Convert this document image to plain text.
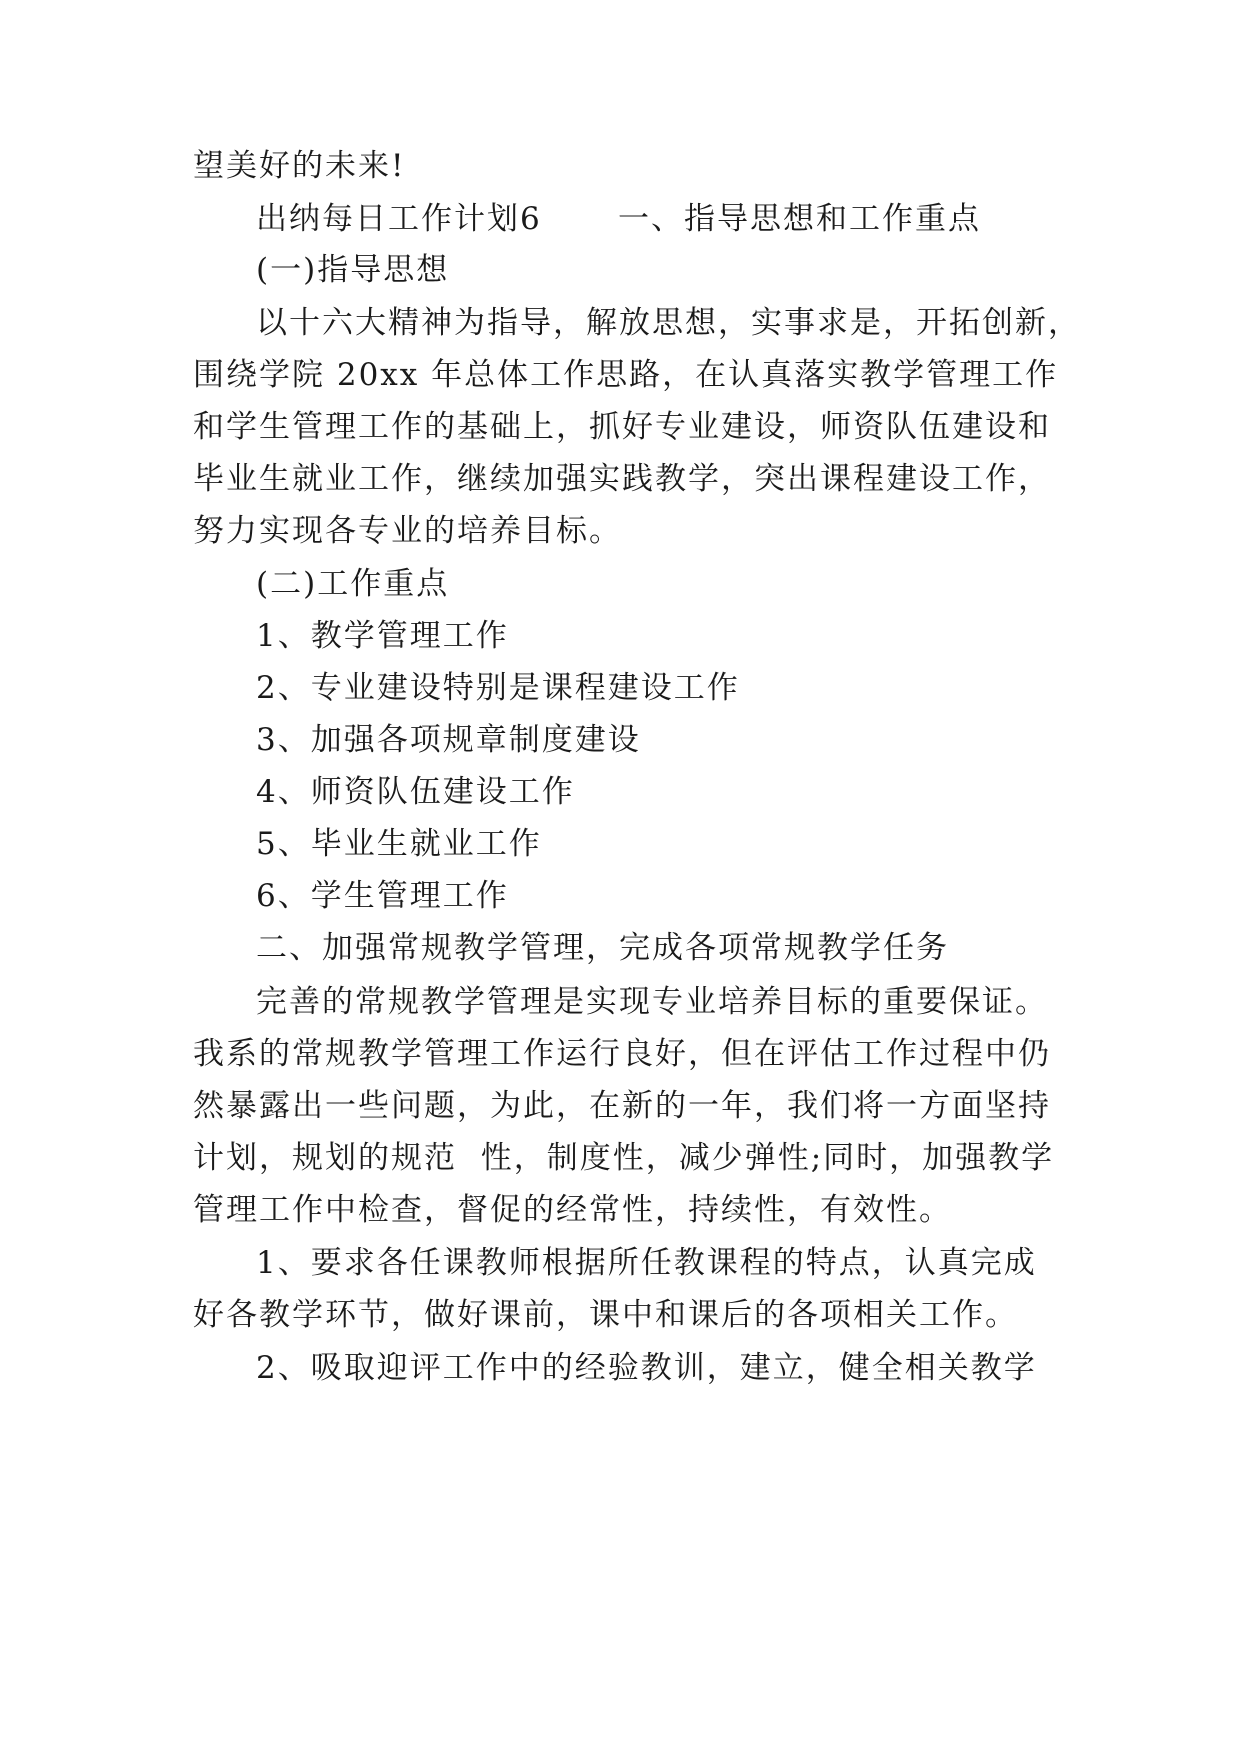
望美好的未来!
出纳每日工作计划6 一、指导思想和工作重点
(一)指导思想
以十六大精神为指导，解放思想，实事求是，开拓创新，
围绕学院 20xx 年总体工作思路，在认真落实教学管理工作
和学生管理工作的基础上，抓好专业建设，师资队伍建设和
毕业生就业工作，继续加强实践教学，突出课程建设工作，
努力实现各专业的培养目标。
(二)工作重点
1、教学管理工作
2、专业建设特别是课程建设工作
3、加强各项规章制度建设
4、师资队伍建设工作
5、毕业生就业工作
6、学生管理工作
二、加强常规教学管理，完成各项常规教学任务
完善的常规教学管理是实现专业培养目标的重要保证。
我系的常规教学管理工作运行良好，但在评估工作过程中仍
然暴露出一些问题，为此，在新的一年，我们将一方面坚持
计划，规划的规范  性，制度性，减少弹性;同时，加强教学
管理工作中检查，督促的经常性，持续性，有效性。
1、要求各任课教师根据所任教课程的特点，认真完成
好各教学环节，做好课前，课中和课后的各项相关工作。
2、吸取迎评工作中的经验教训，建立，健全相关教学
